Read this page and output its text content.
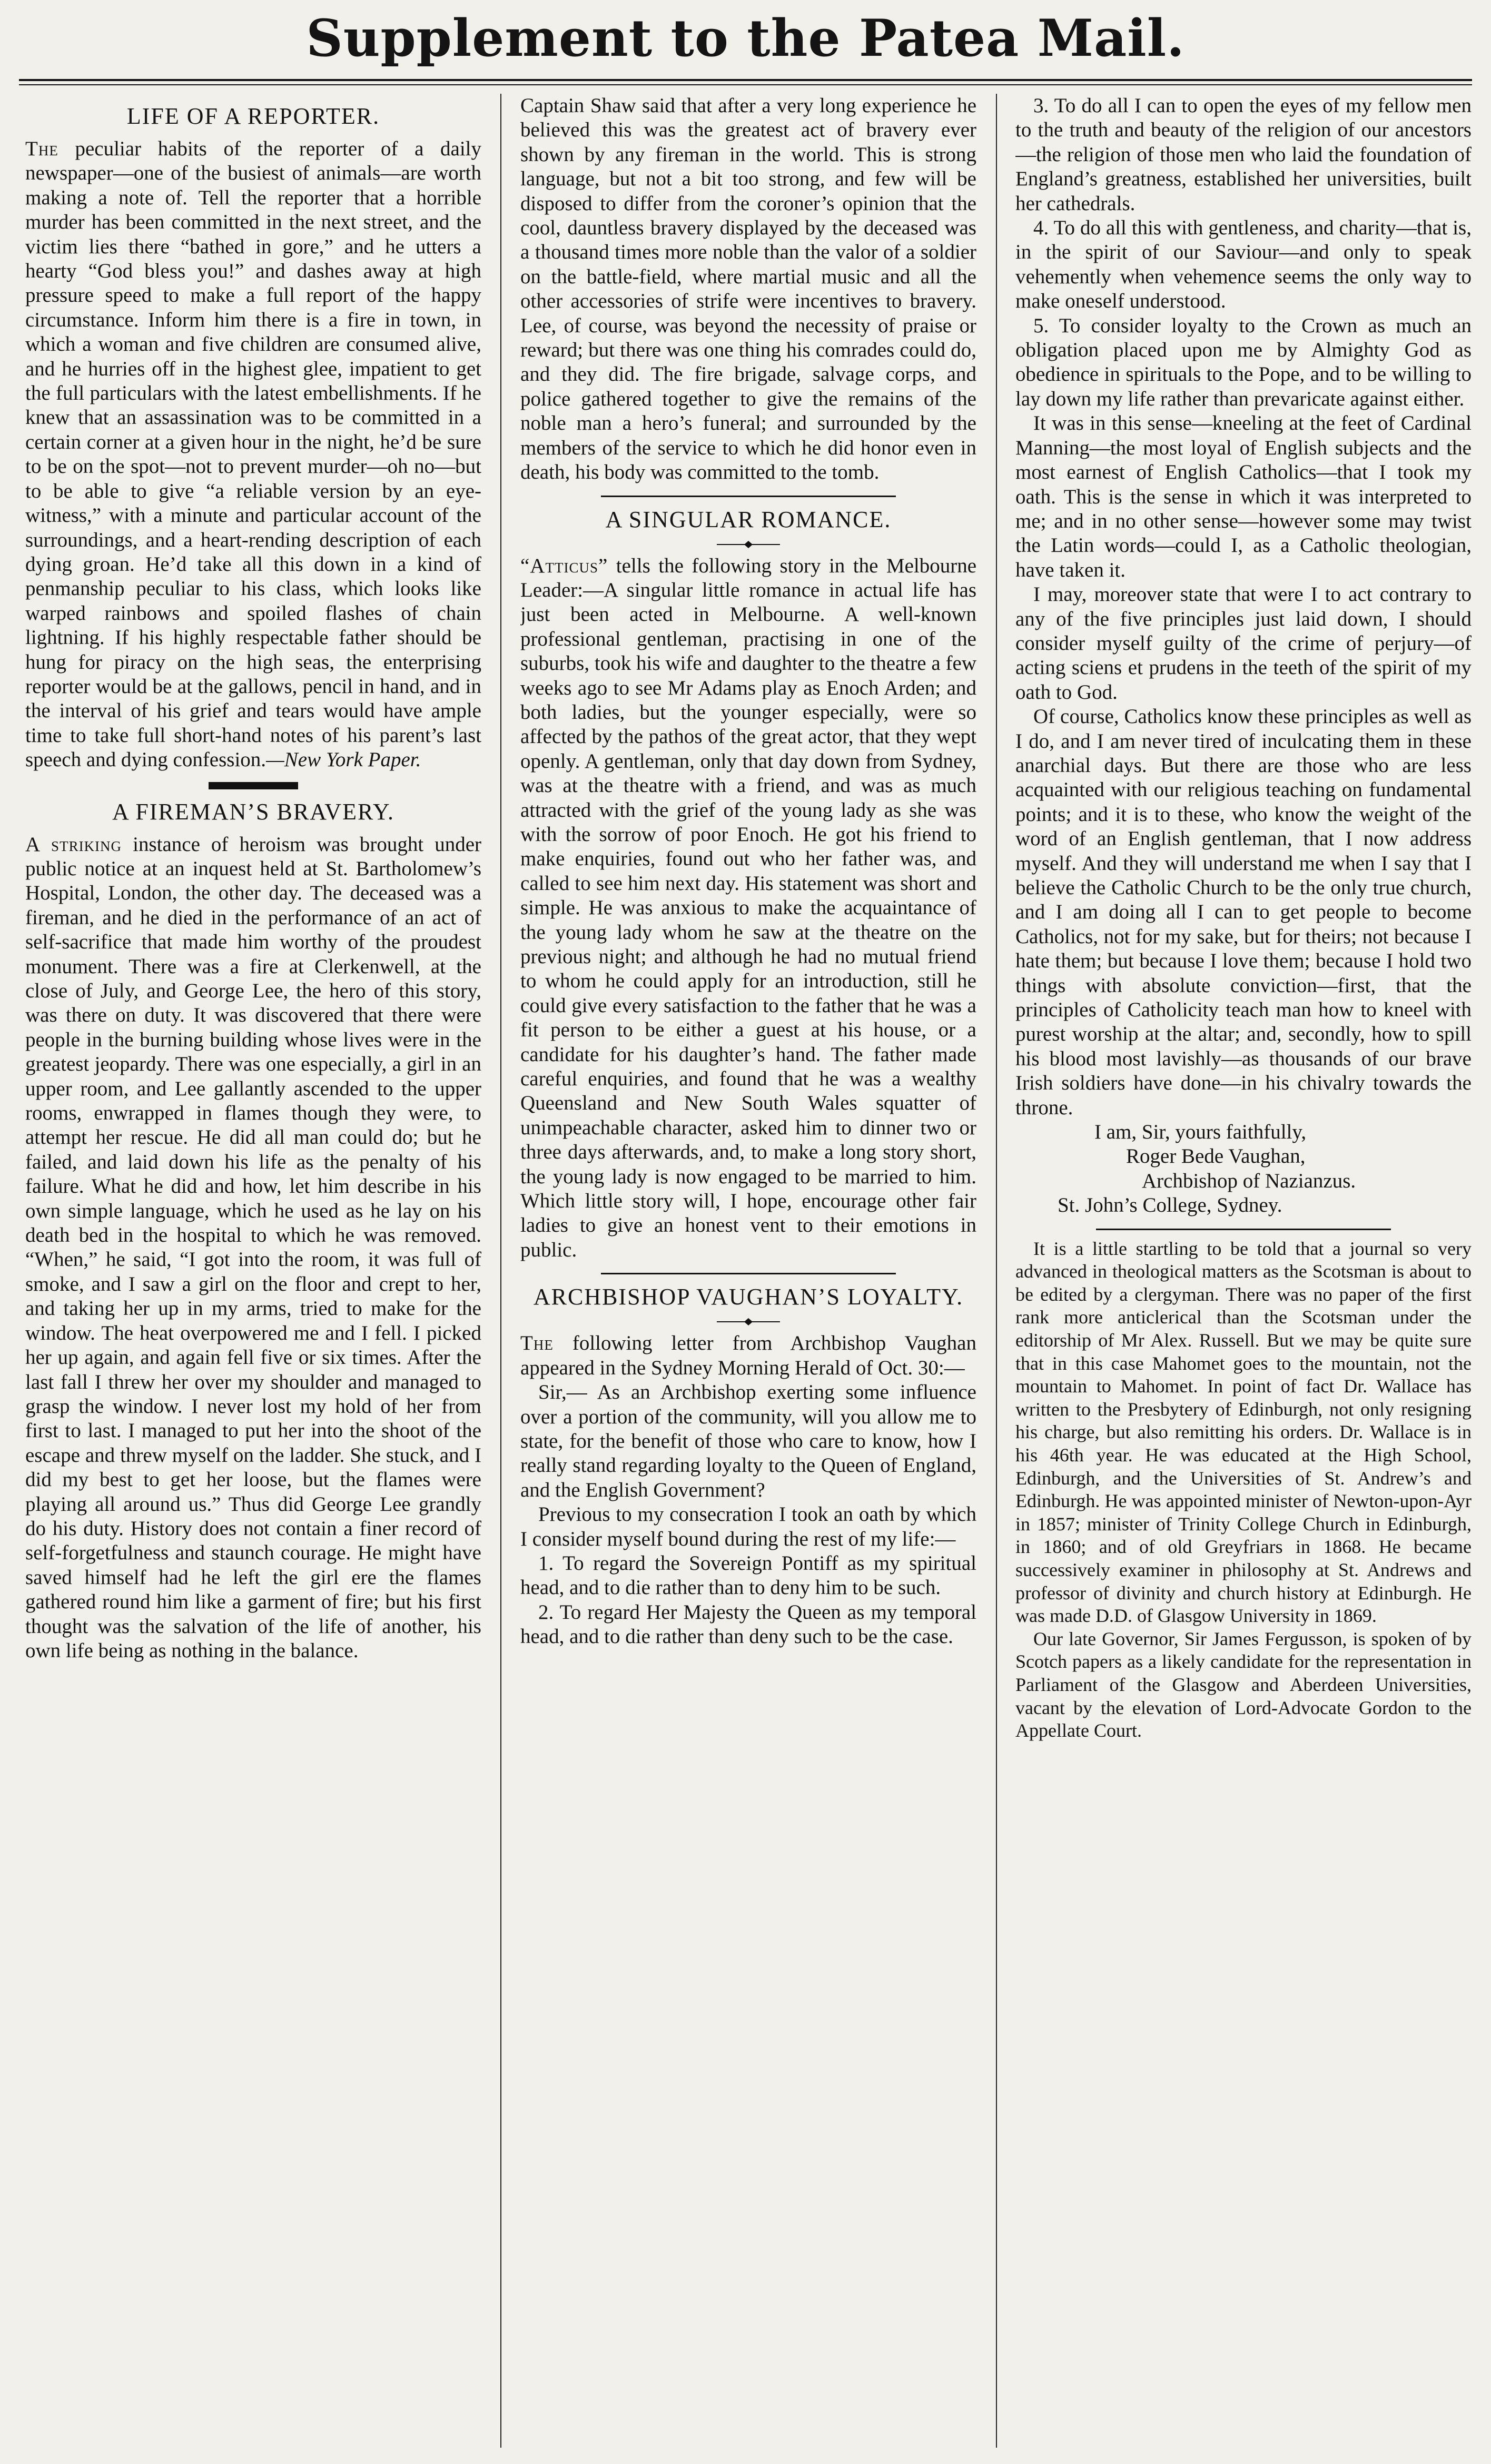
Supplement to the Patea Mail.
LIFE OF A REPORTER.

The peculiar habits of the reporter of a daily newspaper—one of the busiest of animals—are worth making a note of. Tell the reporter that a horrible murder has been committed in the next street, and the victim lies there “bathed in gore,” and he utters a hearty “God bless you!” and dashes away at high pressure speed to make a full report of the happy circumstance. Inform him there is a fire in town, in which a woman and five children are consumed alive, and he hurries off in the highest glee, impatient to get the full particulars with the latest embellishments. If he knew that an assassination was to be committed in a certain corner at a given hour in the night, he’d be sure to be on the spot—not to prevent murder—oh no—but to be able to give “a reliable version by an eye-witness,” with a minute and particular account of the surroundings, and a heart-rending description of each dying groan. He’d take all this down in a kind of penmanship peculiar to his class, which looks like warped rainbows and spoiled flashes of chain lightning. If his highly respectable father should be hung for piracy on the high seas, the enterprising reporter would be at the gallows, pencil in hand, and in the interval of his grief and tears would have ample time to take full short-hand notes of his parent’s last speech and dying confession.—New York Paper.

A FIREMAN’S BRAVERY.

A striking instance of heroism was brought under public notice at an inquest held at St. Bartholomew’s Hospital, London, the other day. The deceased was a fireman, and he died in the performance of an act of self-sacrifice that made him worthy of the proudest monument. There was a fire at Clerkenwell, at the close of July, and George Lee, the hero of this story, was there on duty. It was discovered that there were people in the burning building whose lives were in the greatest jeopardy. There was one especially, a girl in an upper room, and Lee gallantly ascended to the upper rooms, enwrapped in flames though they were, to attempt her rescue. He did all man could do; but he failed, and laid down his life as the penalty of his failure. What he did and how, let him describe in his own simple language, which he used as he lay on his death bed in the hospital to which he was removed. “When,” he said, “I got into the room, it was full of smoke, and I saw a girl on the floor and crept to her, and taking her up in my arms, tried to make for the window. The heat overpowered me and I fell. I picked her up again, and again fell five or six times. After the last fall I threw her over my shoulder and managed to grasp the window. I never lost my hold of her from first to last. I managed to put her into the shoot of the escape and threw myself on the ladder. She stuck, and I did my best to get her loose, but the flames were playing all around us.” Thus did George Lee grandly do his duty. History does not contain a finer record of self-forgetfulness and staunch courage. He might have saved himself had he left the girl ere the flames gathered round him like a garment of fire; but his first thought was the salvation of the life of another, his own life being as nothing in the balance.

Captain Shaw said that after a very long experience he believed this was the greatest act of bravery ever shown by any fireman in the world. This is strong language, but not a bit too strong, and few will be disposed to differ from the coroner’s opinion that the cool, dauntless bravery displayed by the deceased was a thousand times more noble than the valor of a soldier on the battle-field, where martial music and all the other accessories of strife were incentives to bravery. Lee, of course, was beyond the necessity of praise or reward; but there was one thing his comrades could do, and they did. The fire brigade, salvage corps, and police gathered together to give the remains of the noble man a hero’s funeral; and surrounded by the members of the service to which he did honor even in death, his body was committed to the tomb.

A SINGULAR ROMANCE.

“Atticus” tells the following story in the Melbourne Leader:—A singular little romance in actual life has just been acted in Melbourne. A well-known professional gentleman, practising in one of the suburbs, took his wife and daughter to the theatre a few weeks ago to see Mr Adams play as Enoch Arden; and both ladies, but the younger especially, were so affected by the pathos of the great actor, that they wept openly. A gentleman, only that day down from Sydney, was at the theatre with a friend, and was as much attracted with the grief of the young lady as she was with the sorrow of poor Enoch. He got his friend to make enquiries, found out who her father was, and called to see him next day. His statement was short and simple. He was anxious to make the acquaintance of the young lady whom he saw at the theatre on the previous night; and although he had no mutual friend to whom he could apply for an introduction, still he could give every satisfaction to the father that he was a fit person to be either a guest at his house, or a candidate for his daughter’s hand. The father made careful enquiries, and found that he was a wealthy Queensland and New South Wales squatter of unimpeachable character, asked him to dinner two or three days afterwards, and, to make a long story short, the young lady is now engaged to be married to him. Which little story will, I hope, encourage other fair ladies to give an honest vent to their emotions in public.

ARCHBISHOP VAUGHAN’S LOYALTY.

The following letter from Archbishop Vaughan appeared in the Sydney Morning Herald of Oct. 30:—

Sir,— As an Archbishop exerting some influence over a portion of the community, will you allow me to state, for the benefit of those who care to know, how I really stand regarding loyalty to the Queen of England, and the English Government?

Previous to my consecration I took an oath by which I consider myself bound during the rest of my life:—

1. To regard the Sovereign Pontiff as my spiritual head, and to die rather than to deny him to be such.

2. To regard Her Majesty the Queen as my temporal head, and to die rather than deny such to be the case.

3. To do all I can to open the eyes of my fellow men to the truth and beauty of the religion of our ancestors—the religion of those men who laid the foundation of England’s greatness, established her universities, built her cathedrals.

4. To do all this with gentleness, and charity—that is, in the spirit of our Saviour—and only to speak vehemently when vehemence seems the only way to make oneself understood.

5. To consider loyalty to the Crown as much an obligation placed upon me by Almighty God as obedience in spirituals to the Pope, and to be willing to lay down my life rather than prevaricate against either.

It was in this sense—kneeling at the feet of Cardinal Manning—the most loyal of English subjects and the most earnest of English Catholics—that I took my oath. This is the sense in which it was interpreted to me; and in no other sense—however some may twist the Latin words—could I, as a Catholic theologian, have taken it.

I may, moreover state that were I to act contrary to any of the five principles just laid down, I should consider myself guilty of the crime of perjury—of acting sciens et prudens in the teeth of the spirit of my oath to God.

Of course, Catholics know these principles as well as I do, and I am never tired of inculcating them in these anarchial days. But there are those who are less acquainted with our religious teaching on fundamental points; and it is to these, who know the weight of the word of an English gentleman, that I now address myself. And they will understand me when I say that I believe the Catholic Church to be the only true church, and I am doing all I can to get people to become Catholics, not for my sake, but for theirs; not because I hate them; but because I love them; because I hold two things with absolute conviction—first, that the principles of Catholicity teach man how to kneel with purest worship at the altar; and, secondly, how to spill his blood most lavishly—as thousands of our brave Irish soldiers have done—in his chivalry towards the throne.

I am, Sir, yours faithfully,

Roger Bede Vaughan,

Archbishop of Nazianzus.

St. John’s College, Sydney.

It is a little startling to be told that a journal so very advanced in theological matters as the Scotsman is about to be edited by a clergyman. There was no paper of the first rank more anticlerical than the Scotsman under the editorship of Mr Alex. Russell. But we may be quite sure that in this case Mahomet goes to the mountain, not the mountain to Mahomet. In point of fact Dr. Wallace has written to the Presbytery of Edinburgh, not only resigning his charge, but also remitting his orders. Dr. Wallace is in his 46th year. He was educated at the High School, Edinburgh, and the Universities of St. Andrew’s and Edinburgh. He was appointed minister of Newton-upon-Ayr in 1857; minister of Trinity College Church in Edinburgh, in 1860; and of old Greyfriars in 1868. He became successively examiner in philosophy at St. Andrews and professor of divinity and church history at Edinburgh. He was made D.D. of Glasgow University in 1869.

Our late Governor, Sir James Fergusson, is spoken of by Scotch papers as a likely candidate for the representation in Parliament of the Glasgow and Aberdeen Universities, vacant by the elevation of Lord-Advocate Gordon to the Appellate Court.
